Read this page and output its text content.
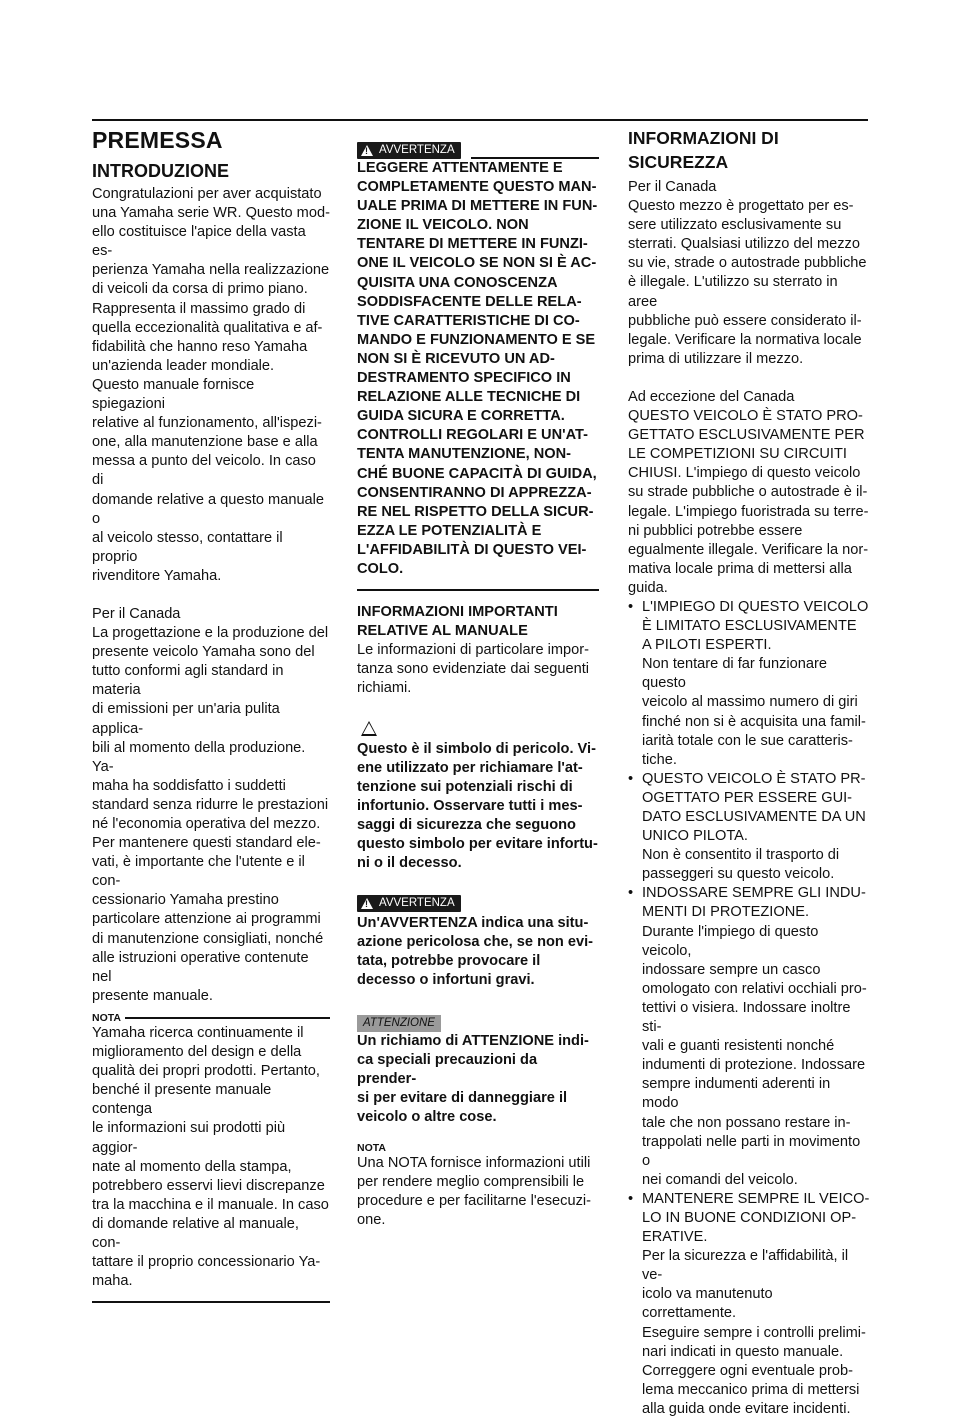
PREMESSA
INTRODUZIONE
Congratulazioni per aver acquistato
una Yamaha serie WR. Questo mod-
ello costituisce l'apice della vasta es-
perienza Yamaha nella realizzazione
di veicoli da corsa di primo piano.
Rappresenta il massimo grado di
quella eccezionalità qualitativa e af-
fidabilità che hanno reso Yamaha
un'azienda leader mondiale.
Questo manuale fornisce spiegazioni
relative al funzionamento, all'ispezi-
one, alla manutenzione base e alla
messa a punto del veicolo. In caso di
domande relative a questo manuale o
al veicolo stesso, contattare il proprio
rivenditore Yamaha.
Per il Canada
La progettazione e la produzione del
presente veicolo Yamaha sono del
tutto conformi agli standard in materia
di emissioni per un'aria pulita applica-
bili al momento della produzione. Ya-
maha ha soddisfatto i suddetti
standard senza ridurre le prestazioni
né l'economia operativa del mezzo.
Per mantenere questi standard ele-
vati, è importante che l'utente e il con-
cessionario Yamaha prestino
particolare attenzione ai programmi
di manutenzione consigliati, nonché
alle istruzioni operative contenute nel
presente manuale.
NOTA
Yamaha ricerca continuamente il
miglioramento del design e della
qualità dei propri prodotti. Pertanto,
benché il presente manuale contenga
le informazioni sui prodotti più aggior-
nate al momento della stampa,
potrebbero esservi lievi discrepanze
tra la macchina e il manuale. In caso
di domande relative al manuale, con-
tattare il proprio concessionario Ya-
maha.
!
AVVERTENZA
LEGGERE ATTENTAMENTE E
COMPLETAMENTE QUESTO MAN-
UALE PRIMA DI METTERE IN FUN-
ZIONE IL VEICOLO. NON
TENTARE DI METTERE IN FUNZI-
ONE IL VEICOLO SE NON SI È AC-
QUISITA UNA CONOSCENZA
SODDISFACENTE DELLE RELA-
TIVE CARATTERISTICHE DI CO-
MANDO E FUNZIONAMENTO E SE
NON SI È RICEVUTO UN AD-
DESTRAMENTO SPECIFICO IN
RELAZIONE ALLE TECNICHE DI
GUIDA SICURA E CORRETTA.
CONTROLLI REGOLARI E UN'AT-
TENTA MANUTENZIONE, NON-
CHÉ BUONE CAPACITÀ DI GUIDA,
CONSENTIRANNO DI APPREZZA-
RE NEL RISPETTO DELLA SICUR-
EZZA LE POTENZIALITÀ E
L'AFFIDABILITÀ DI QUESTO VEI-
COLO.
INFORMAZIONI IMPORTANTI
RELATIVE AL MANUALE
Le informazioni di particolare impor-
tanza sono evidenziate dai seguenti
richiami.
Questo è il simbolo di pericolo. Vi-
ene utilizzato per richiamare l'at-
tenzione sui potenziali rischi di
infortunio. Osservare tutti i mes-
saggi di sicurezza che seguono
questo simbolo per evitare infortu-
ni o il decesso.
!
AVVERTENZA
Un'AVVERTENZA indica una situ-
azione pericolosa che, se non evi-
tata, potrebbe provocare il
decesso o infortuni gravi.
ATTENZIONE
Un richiamo di ATTENZIONE indi-
ca speciali precauzioni da prender-
si per evitare di danneggiare il
veicolo o altre cose.
NOTA
Una NOTA fornisce informazioni utili
per rendere meglio comprensibili le
procedure e per facilitarne l'esecuzi-
one.
INFORMAZIONI DI
SICUREZZA
Per il Canada
Questo mezzo è progettato per es-
sere utilizzato esclusivamente su
sterrati. Qualsiasi utilizzo del mezzo
su vie, strade o autostrade pubbliche
è illegale. L'utilizzo su sterrato in aree
pubbliche può essere considerato il-
legale. Verificare la normativa locale
prima di utilizzare il mezzo.
Ad eccezione del Canada
QUESTO VEICOLO È STATO PRO-
GETTATO ESCLUSIVAMENTE PER
LE COMPETIZIONI SU CIRCUITI
CHIUSI. L'impiego di questo veicolo
su strade pubbliche o autostrade è il-
legale. L'impiego fuoristrada su terre-
ni pubblici potrebbe essere
egualmente illegale. Verificare la nor-
mativa locale prima di mettersi alla
guida.
• L'IMPIEGO DI QUESTO VEICOLO
È LIMITATO ESCLUSIVAMENTE
A PILOTI ESPERTI.
Non tentare di far funzionare questo
veicolo al massimo numero di giri
finché non si è acquisita una famil-
iarità totale con le sue caratteris-
tiche.
• QUESTO VEICOLO È STATO PR-
OGETTATO PER ESSERE GUI-
DATO ESCLUSIVAMENTE DA UN
UNICO PILOTA.
Non è consentito il trasporto di
passeggeri su questo veicolo.
• INDOSSARE SEMPRE GLI INDU-
MENTI DI PROTEZIONE.
Durante l'impiego di questo veicolo,
indossare sempre un casco
omologato con relativi occhiali pro-
tettivi o visiera. Indossare inoltre sti-
vali e guanti resistenti nonché
indumenti di protezione. Indossare
sempre indumenti aderenti in modo
tale che non possano restare in-
trappolati nelle parti in movimento o
nei comandi del veicolo.
• MANTENERE SEMPRE IL VEICO-
LO IN BUONE CONDIZIONI OP-
ERATIVE.
Per la sicurezza e l'affidabilità, il ve-
icolo va manutenuto correttamente.
Eseguire sempre i controlli prelimi-
nari indicati in questo manuale.
Correggere ogni eventuale prob-
lema meccanico prima di mettersi
alla guida onde evitare incidenti.
